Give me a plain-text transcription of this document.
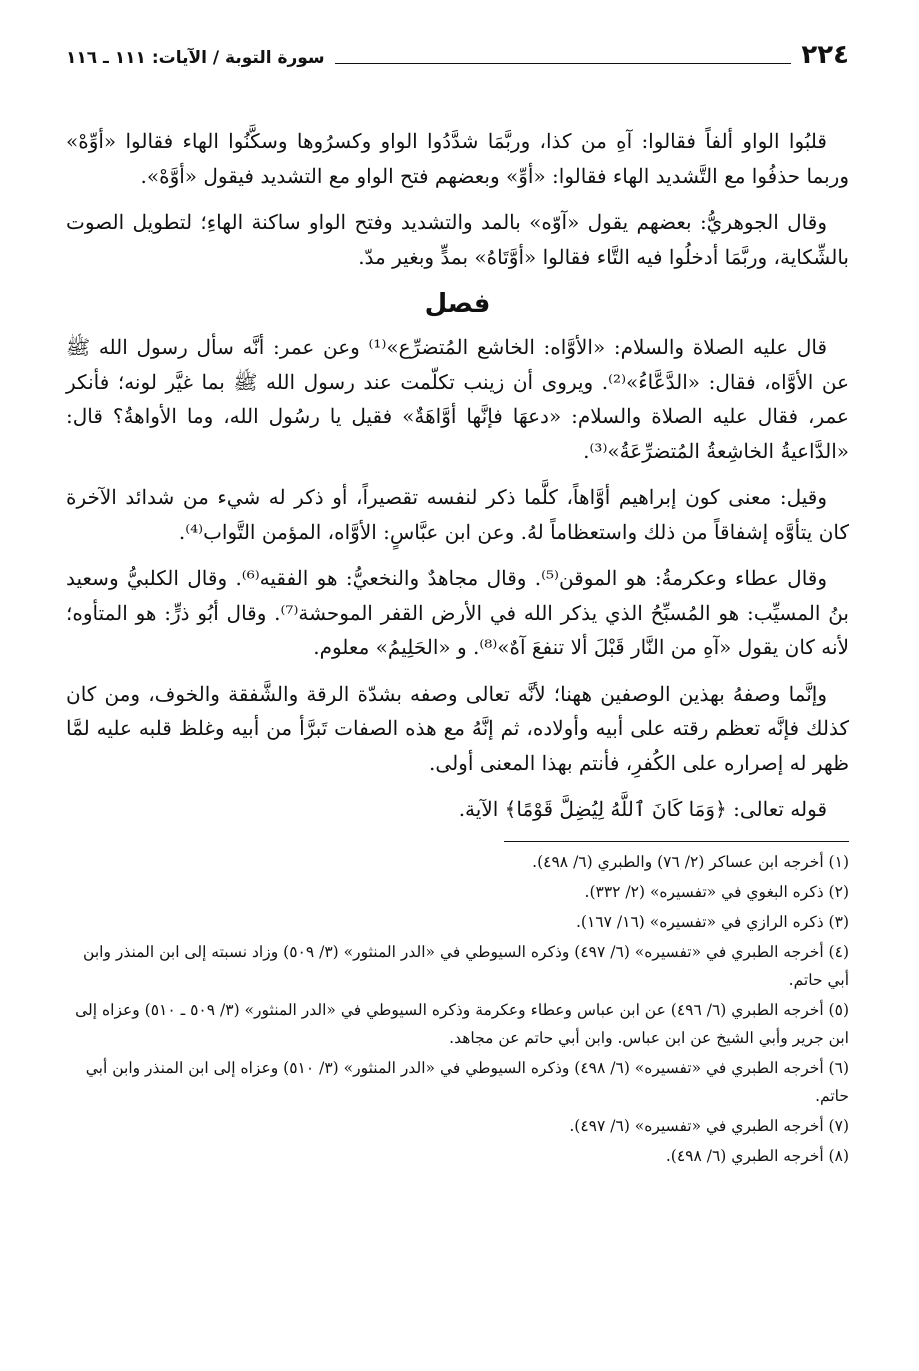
٢٢٤
سورة التوبة / الآيات: ١١١ ـ ١١٦

قلبُوا الواو ألفاً فقالوا: آهِ من كذا، وربَّمَا شدَّدُوا الواو وكسرُوها وسكَّنُوا الهاء فقالوا «أوِّهْ» وربما حذفُوا مع التَّشديد الهاء فقالوا: «أوِّ» وبعضهم فتح الواو مع التشديد فيقول «أوَّهْ».

وقال الجوهريُّ: بعضهم يقول «آوّه» بالمد والتشديد وفتح الواو ساكنة الهاءِ؛ لتطويل الصوت بالشِّكاية، وربَّمَا أدخلُوا فيه التَّاء فقالوا «أوَّتَاهُ» بمدٍّ وبغير مدّ.

فصل

قال عليه الصلاة والسلام: «الأوَّاه: الخاشع المُتضرِّع»⁽¹⁾ وعن عمر: أنَّه سأل رسول الله ﷺ عن الأوَّاه، فقال: «الدَّعَّاءُ»⁽²⁾. ويروى أن زينب تكلّمت عند رسول الله ﷺ بما غيَّر لونه؛ فأنكر عمر، فقال عليه الصلاة والسلام: «دعهَا فإنَّها أوَّاهَةٌ» فقيل يا رسُول الله، وما الأواهةُ؟ قال: «الدَّاعيةُ الخاشِعةُ المُتضرِّعَةُ»⁽³⁾.

وقيل: معنى كون إبراهيم أوَّاهاً، كلَّما ذكر لنفسه تقصيراً، أو ذكر له شيء من شدائد الآخرة كان يتأوَّه إشفاقاً من ذلك واستعظاماً لهُ. وعن ابن عبَّاسٍ: الأوَّاه، المؤمن التَّواب⁽⁴⁾.

وقال عطاء وعكرمةُ: هو الموقن⁽⁵⁾. وقال مجاهدٌ والنخعيُّ: هو الفقيه⁽⁶⁾. وقال الكلبيُّ وسعيد بنُ المسيِّب: هو المُسبِّحُ الذي يذكر الله في الأرض القفر الموحشة⁽⁷⁾. وقال أبُو ذرٍّ: هو المتأوه؛ لأنه كان يقول «آهِ من النَّار قَبْلَ ألا تنفعَ آهٌ»⁽⁸⁾. و «الحَلِيمُ» معلوم.

وإنَّما وصفهُ بهذين الوصفين ههنا؛ لأنَّه تعالى وصفه بشدّة الرقة والشَّفقة والخوف، ومن كان كذلك فإنَّه تعظم رقته على أبيه وأولاده، ثم إنَّهُ مع هذه الصفات تَبرَّأ من أبيه وغلظ قلبه عليه لمَّا ظهر له إصراره على الكُفرِ، فأنتم بهذا المعنى أولى.

قوله تعالى: ﴿وَمَا كَانَ ٱللَّهُ لِيُضِلَّ قَوْمًا﴾ الآية.

(١) أخرجه ابن عساكر (٢/ ٧٦) والطبري (٦/ ٤٩٨).
(٢) ذكره البغوي في «تفسيره» (٢/ ٣٣٢).
(٣) ذكره الرازي في «تفسيره» (١٦/ ١٦٧).
(٤) أخرجه الطبري في «تفسيره» (٦/ ٤٩٧) وذكره السيوطي في «الدر المنثور» (٣/ ٥٠٩) وزاد نسبته إلى ابن المنذر وابن أبي حاتم.
(٥) أخرجه الطبري (٦/ ٤٩٦) عن ابن عباس وعطاء وعكرمة وذكره السيوطي في «الدر المنثور» (٣/ ٥٠٩ ـ ٥١٠) وعزاه إلى ابن جرير وأبي الشيخ عن ابن عباس. وابن أبي حاتم عن مجاهد.
(٦) أخرجه الطبري في «تفسيره» (٦/ ٤٩٨) وذكره السيوطي في «الدر المنثور» (٣/ ٥١٠) وعزاه إلى ابن المنذر وابن أبي حاتم.
(٧) أخرجه الطبري في «تفسيره» (٦/ ٤٩٧).
(٨) أخرجه الطبري (٦/ ٤٩٨).
